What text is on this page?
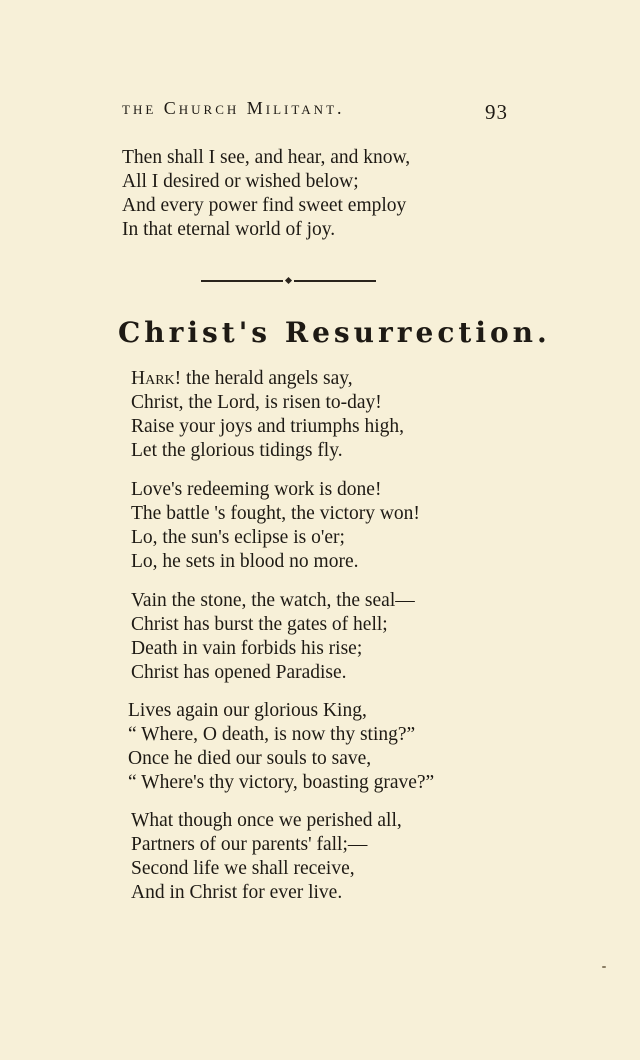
the Church Militant.	93
Then shall I see, and hear, and know,
All I desired or wished below;
And every power find sweet employ
In that eternal world of joy.
Christ's Resurrection.
Hark! the herald angels say,
Christ, the Lord, is risen to-day!
Raise your joys and triumphs high,
Let the glorious tidings fly.
Love's redeeming work is done!
The battle 's fought, the victory won!
Lo, the sun's eclipse is o'er;
Lo, he sets in blood no more.
Vain the stone, the watch, the seal—
Christ has burst the gates of hell;
Death in vain forbids his rise;
Christ has opened Paradise.
Lives again our glorious King,
“ Where, O death, is now thy sting?”
Once he died our souls to save,
“ Where's thy victory, boasting grave?”
What though once we perished all,
Partners of our parents' fall;—
Second life we shall receive,
And in Christ for ever live.
